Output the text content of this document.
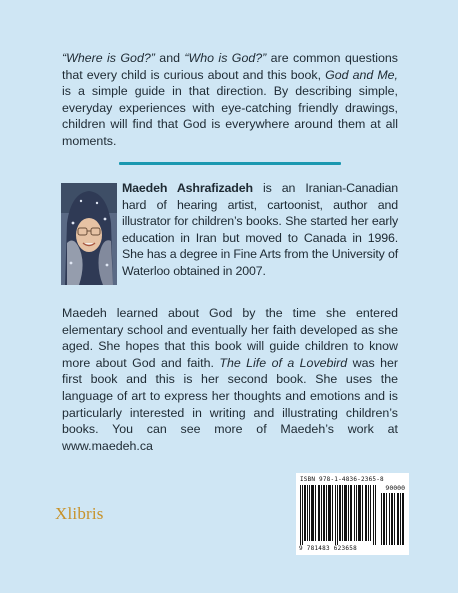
“Where is God?” and “Who is God?” are common questions that every child is curious about and this book, God and Me, is a simple guide in that direction. By describing simple, everyday experiences with eye-catching friendly drawings, children will find that God is everywhere around them at all moments.

Maedeh Ashrafizadeh is an Iranian-Canadian hard of hearing artist, cartoonist, author and illustrator for children’s books. She started her early education in Iran but moved to Canada in 1996. She has a degree in Fine Arts from the University of Waterloo obtained in 2007.

Maedeh learned about God by the time she entered elementary school and eventually her faith developed as she aged. She hopes that this book will guide children to know more about God and faith. The Life of a Lovebird was her first book and this is her second book. She uses the language of art to express her thoughts and emotions and is particularly interested in writing and illustrating children’s books. You can see more of Maedeh’s work at www.maedeh.ca

Xlibris
ISBN 978-1-4836-2365-8
90000
9 781483 623658
